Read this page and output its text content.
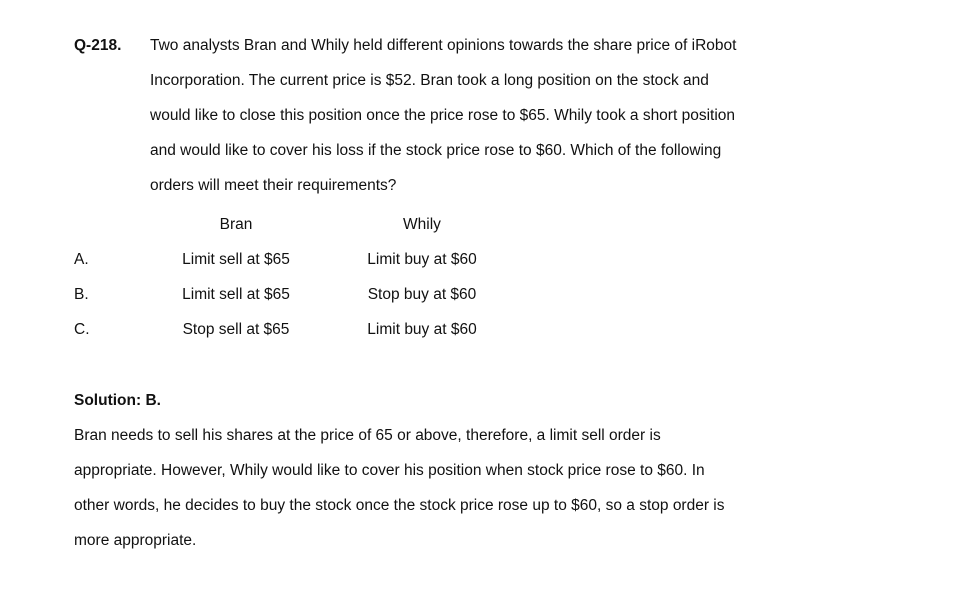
Q-218.	Two analysts Bran and Whily held different opinions towards the share price of iRobot
Incorporation. The current price is $52. Bran took a long position on the stock and
would like to close this position once the price rose to $65. Whily took a short position
and would like to cover his loss if the stock price rose to $60. Which of the following
orders will meet their requirements?
Bran	Whily
A.	Limit sell at $65	Limit buy at $60
B.	Limit sell at $65	Stop buy at $60
C.	Stop sell at $65	Limit buy at $60
Solution: B.
Bran needs to sell his shares at the price of 65 or above, therefore, a limit sell order is
appropriate. However, Whily would like to cover his position when stock price rose to $60. In
other words, he decides to buy the stock once the stock price rose up to $60, so a stop order is
more appropriate.
